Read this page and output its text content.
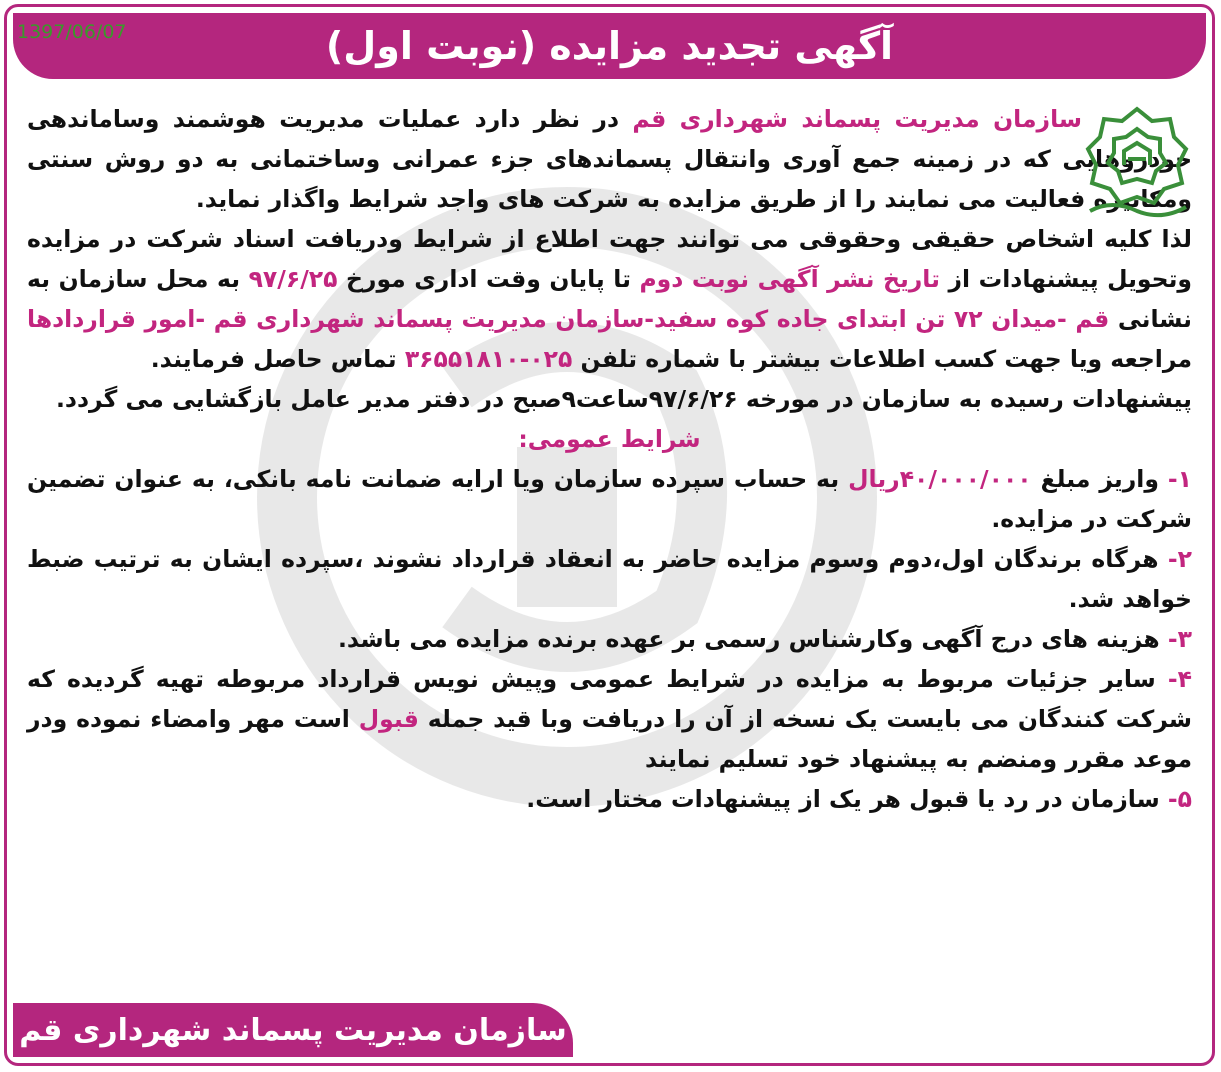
آگهی تجدید مزایده (نوبت اول)
1397/06/07

سازمان مدیریت پسماند شهرداری قم در نظر دارد عملیات مدیریت هوشمند وساماندهی خودروهایی که در زمینه جمع آوری وانتقال پسماندهای جزء عمرانی وساختمانی به دو روش سنتی ومکانیزه فعالیت می نمایند را از طریق مزایده به شرکت های واجد شرایط واگذار نماید.

لذا کلیه اشخاص حقیقی وحقوقی می توانند جهت اطلاع از شرایط ودریافت اسناد شرکت در مزایده وتحویل پیشنهادات از تاریخ نشر آگهی نوبت دوم تا پایان وقت اداری مورخ ۹۷/۶/۲۵ به محل سازمان به نشانی قم -میدان ۷۲ تن ابتدای جاده کوه سفید-سازمان مدیریت پسماند شهرداری قم -امور قراردادها مراجعه ویا جهت کسب اطلاعات بیشتر با شماره تلفن ۰۲۵-۳۶۵۵۱۸۱۰ تماس حاصل فرمایند.

پیشنهادات رسیده به سازمان در مورخه ۹۷/۶/۲۶ساعت۹صبح در دفتر مدیر عامل بازگشایی می گردد.

شرایط عمومی:

۱- واریز مبلغ ۴۰/۰۰۰/۰۰۰ریال به حساب سپرده سازمان ویا ارایه ضمانت نامه بانکی، به عنوان تضمین شرکت در مزایده.

۲- هرگاه برندگان اول،دوم وسوم مزایده حاضر به انعقاد قرارداد نشوند ،سپرده ایشان به ترتیب ضبط خواهد شد.

۳- هزینه های درج آگهی وکارشناس رسمی بر عهده برنده مزایده می باشد.

۴- سایر جزئیات مربوط به مزایده در شرایط عمومی وپیش نویس قرارداد مربوطه تهیه گردیده که شرکت کنندگان می بایست یک نسخه از آن را دریافت وبا قید جمله قبول است مهر وامضاء نموده ودر موعد مقرر ومنضم به پیشنهاد خود تسلیم نمایند

۵- سازمان در رد یا قبول هر یک از پیشنهادات مختار است.

سازمان مدیریت پسماند شهرداری قم
